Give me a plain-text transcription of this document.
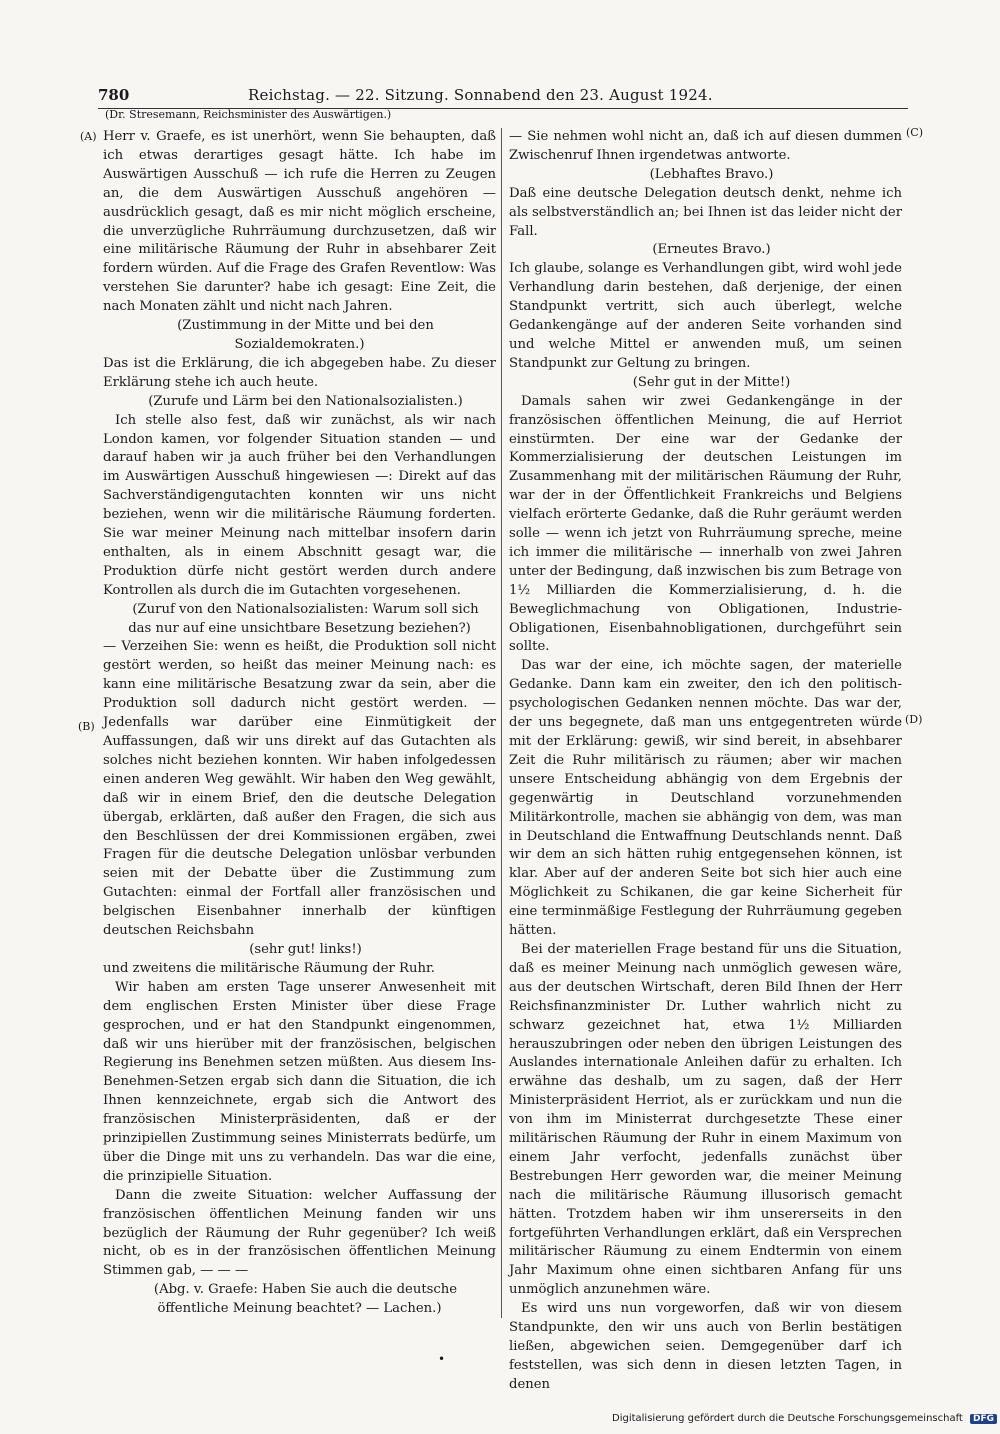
780	Reichstag. — 22. Sitzung. Sonnabend den 23. August 1924.
(Dr. Stresemann, Reichsminister des Auswärtigen.)
(A)
(B)
(C)
(D)

Herr v. Graefe, es ist unerhört, wenn Sie behaupten, daß ich etwas derartiges gesagt hätte. Ich habe im Auswärtigen Ausschuß — ich rufe die Herren zu Zeugen an, die dem Auswärtigen Ausschuß angehören — ausdrücklich gesagt, daß es mir nicht möglich erscheine, die unverzügliche Ruhrräumung durchzusetzen, daß wir eine militärische Räumung der Ruhr in absehbarer Zeit fordern würden. Auf die Frage des Grafen Reventlow: Was verstehen Sie darunter? habe ich gesagt: Eine Zeit, die nach Monaten zählt und nicht nach Jahren.

(Zustimmung in der Mitte und bei den Sozialdemokraten.)

Das ist die Erklärung, die ich abgegeben habe. Zu dieser Erklärung stehe ich auch heute.

(Zurufe und Lärm bei den Nationalsozialisten.)

Ich stelle also fest, daß wir zunächst, als wir nach London kamen, vor folgender Situation standen — und darauf haben wir ja auch früher bei den Verhandlungen im Auswärtigen Ausschuß hingewiesen —: Direkt auf das Sachverständigengutachten konnten wir uns nicht beziehen, wenn wir die militärische Räumung forderten. Sie war meiner Meinung nach mittelbar insofern darin enthalten, als in einem Abschnitt gesagt war, die Produktion dürfe nicht gestört werden durch andere Kontrollen als durch die im Gutachten vorgesehenen.

(Zuruf von den Nationalsozialisten: Warum soll sich das nur auf eine unsichtbare Besetzung beziehen?)

— Verzeihen Sie: wenn es heißt, die Produktion soll nicht gestört werden, so heißt das meiner Meinung nach: es kann eine militärische Besatzung zwar da sein, aber die Produktion soll dadurch nicht gestört werden. — Jedenfalls war darüber eine Einmütigkeit der Auffassungen, daß wir uns direkt auf das Gutachten als solches nicht beziehen konnten. Wir haben infolgedessen einen anderen Weg gewählt. Wir haben den Weg gewählt, daß wir in einem Brief, den die deutsche Delegation übergab, erklärten, daß außer den Fragen, die sich aus den Beschlüssen der drei Kommissionen ergäben, zwei Fragen für die deutsche Delegation unlösbar verbunden seien mit der Debatte über die Zustimmung zum Gutachten: einmal der Fortfall aller französischen und belgischen Eisenbahner innerhalb der künftigen deutschen Reichsbahn

(sehr gut! links!)

und zweitens die militärische Räumung der Ruhr.

Wir haben am ersten Tage unserer Anwesenheit mit dem englischen Ersten Minister über diese Frage gesprochen, und er hat den Standpunkt eingenommen, daß wir uns hierüber mit der französischen, belgischen Regierung ins Benehmen setzen müßten. Aus diesem Ins-Benehmen-Setzen ergab sich dann die Situation, die ich Ihnen kennzeichnete, ergab sich die Antwort des französischen Ministerpräsidenten, daß er der prinzipiellen Zustimmung seines Ministerrats bedürfe, um über die Dinge mit uns zu verhandeln. Das war die eine, die prinzipielle Situation.

Dann die zweite Situation: welcher Auffassung der französischen öffentlichen Meinung fanden wir uns bezüglich der Räumung der Ruhr gegenüber? Ich weiß nicht, ob es in der französischen öffentlichen Meinung Stimmen gab, — — —

(Abg. v. Graefe: Haben Sie auch die deutsche öffentliche Meinung beachtet? — Lachen.)

— Sie nehmen wohl nicht an, daß ich auf diesen dummen Zwischenruf Ihnen irgendetwas antworte.

(Lebhaftes Bravo.)

Daß eine deutsche Delegation deutsch denkt, nehme ich als selbstverständlich an; bei Ihnen ist das leider nicht der Fall.

(Erneutes Bravo.)

Ich glaube, solange es Verhandlungen gibt, wird wohl jede Verhandlung darin bestehen, daß derjenige, der einen Standpunkt vertritt, sich auch überlegt, welche Gedankengänge auf der anderen Seite vorhanden sind und welche Mittel er anwenden muß, um seinen Standpunkt zur Geltung zu bringen.

(Sehr gut in der Mitte!)

Damals sahen wir zwei Gedankengänge in der französischen öffentlichen Meinung, die auf Herriot einstürmten. Der eine war der Gedanke der Kommerzialisierung der deutschen Leistungen im Zusammenhang mit der militärischen Räumung der Ruhr, war der in der Öffentlichkeit Frankreichs und Belgiens vielfach erörterte Gedanke, daß die Ruhr geräumt werden solle — wenn ich jetzt von Ruhrräumung spreche, meine ich immer die militärische — innerhalb von zwei Jahren unter der Bedingung, daß inzwischen bis zum Betrage von 1½ Milliarden die Kommerzialisierung, d. h. die Beweglichmachung von Obligationen, Industrie-Obligationen, Eisenbahnobligationen, durchgeführt sein sollte.

Das war der eine, ich möchte sagen, der materielle Gedanke. Dann kam ein zweiter, den ich den politisch-psychologischen Gedanken nennen möchte. Das war der, der uns begegnete, daß man uns entgegentreten würde mit der Erklärung: gewiß, wir sind bereit, in absehbarer Zeit die Ruhr militärisch zu räumen; aber wir machen unsere Entscheidung abhängig von dem Ergebnis der gegenwärtig in Deutschland vorzunehmenden Militärkontrolle, machen sie abhängig von dem, was man in Deutschland die Entwaffnung Deutschlands nennt. Daß wir dem an sich hätten ruhig entgegensehen können, ist klar. Aber auf der anderen Seite bot sich hier auch eine Möglichkeit zu Schikanen, die gar keine Sicherheit für eine terminmäßige Festlegung der Ruhrräumung gegeben hätten.

Bei der materiellen Frage bestand für uns die Situation, daß es meiner Meinung nach unmöglich gewesen wäre, aus der deutschen Wirtschaft, deren Bild Ihnen der Herr Reichsfinanzminister Dr. Luther wahrlich nicht zu schwarz gezeichnet hat, etwa 1½ Milliarden herauszubringen oder neben den übrigen Leistungen des Auslandes internationale Anleihen dafür zu erhalten. Ich erwähne das deshalb, um zu sagen, daß der Herr Ministerpräsident Herriot, als er zurückkam und nun die von ihm im Ministerrat durchgesetzte These einer militärischen Räumung der Ruhr in einem Maximum von einem Jahr verfocht, jedenfalls zunächst über Bestrebungen Herr geworden war, die meiner Meinung nach die militärische Räumung illusorisch gemacht hätten. Trotzdem haben wir ihm unsererseits in den fortgeführten Verhandlungen erklärt, daß ein Versprechen militärischer Räumung zu einem Endtermin von einem Jahr Maximum ohne einen sichtbaren Anfang für uns unmöglich anzunehmen wäre.

Es wird uns nun vorgeworfen, daß wir von diesem Standpunkte, den wir uns auch von Berlin bestätigen ließen, abgewichen seien. Demgegenüber darf ich feststellen, was sich denn in diesen letzten Tagen, in denen

•
Digitalisierung gefördert durch die Deutsche Forschungsgemeinschaft DFG
